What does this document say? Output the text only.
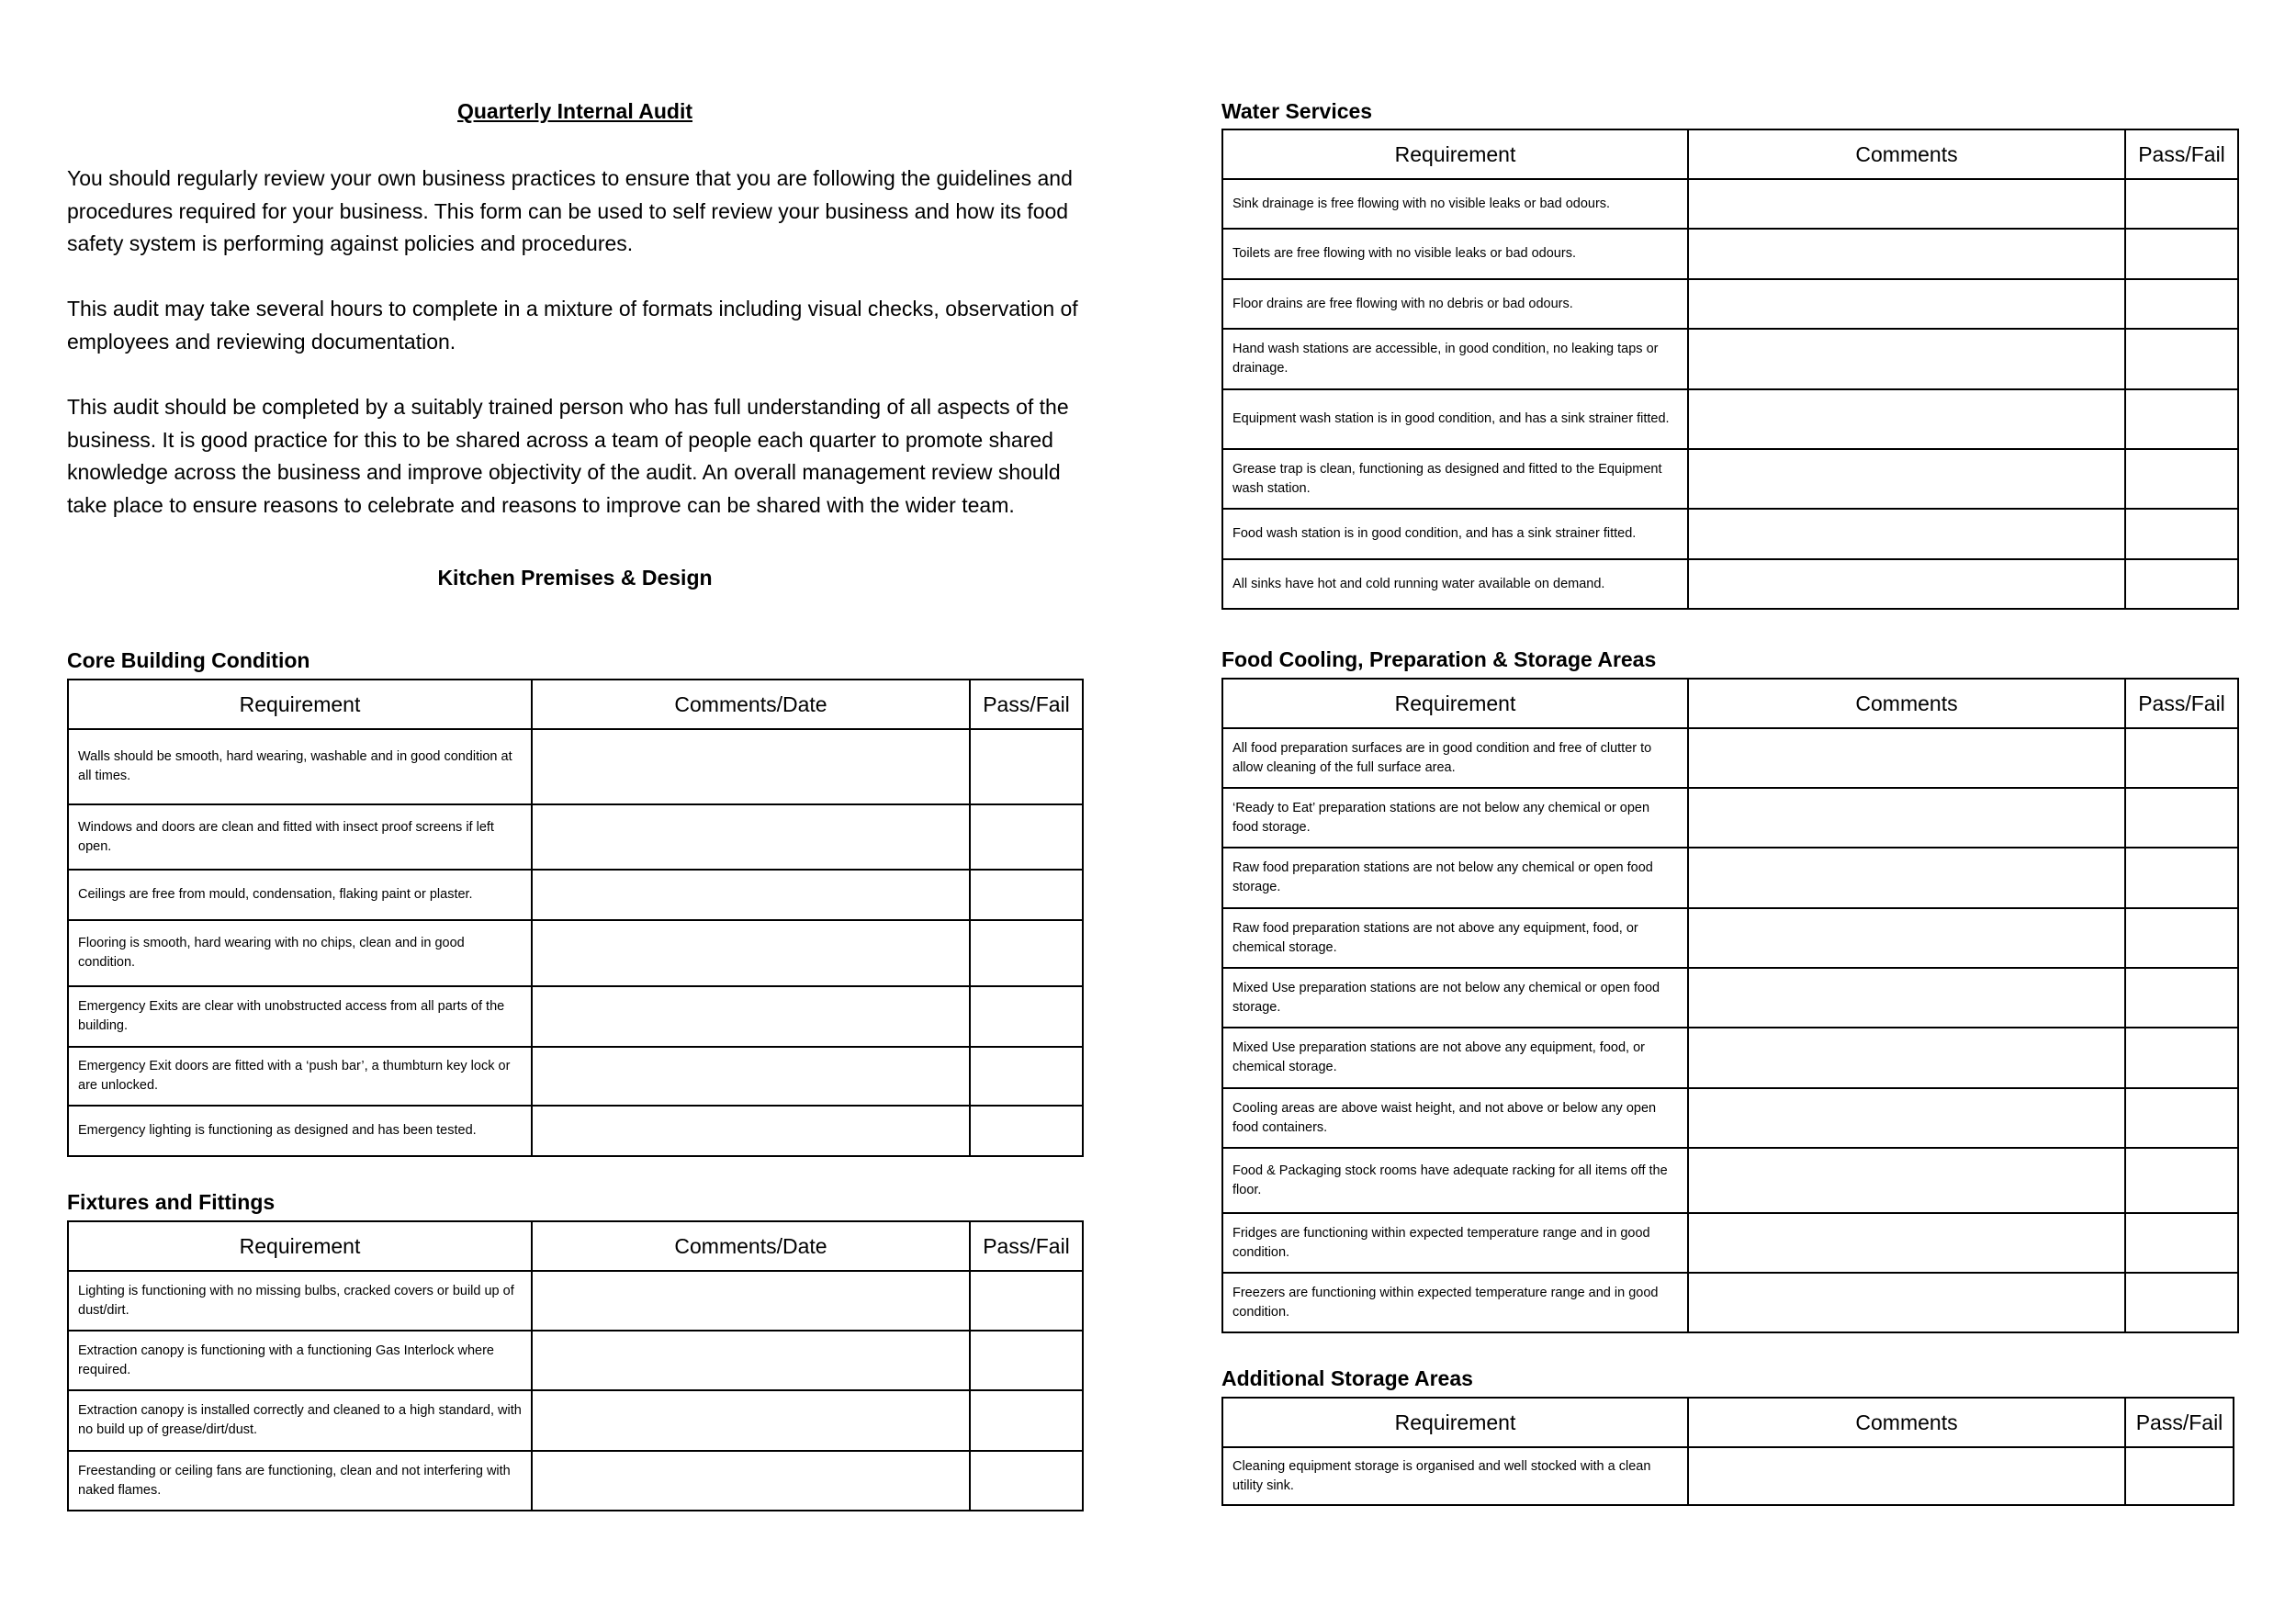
Quarterly Internal Audit

You should regularly review your own business practices to ensure that you are following the guidelines and procedures required for your business. This form can be used to self review your business and how its food safety system is performing against policies and procedures.

This audit may take several hours to complete in a mixture of formats including visual checks, observation of employees and reviewing documentation.

This audit should be completed by a suitably trained person who has full understanding of all aspects of the business. It is good practice for this to be shared across a team of people each quarter to promote shared knowledge across the business and improve objectivity of the audit. An overall management review should take place to ensure reasons to celebrate and reasons to improve can be shared with the wider team.

Kitchen Premises & Design
Core Building Condition
Requirement	Comments/Date	Pass/Fail
Walls should be smooth, hard wearing, washable and in good condition at all times.		
Windows and doors are clean and fitted with insect proof screens if left open.		
Ceilings are free from mould, condensation, flaking paint or plaster.		
Flooring is smooth, hard wearing with no chips, clean and in good condition.		
Emergency Exits are clear with unobstructed access from all parts of the building.		
Emergency Exit doors are fitted with a ‘push bar’, a thumbturn key lock or are unlocked.		
Emergency lighting is functioning as designed and has been tested.		
Fixtures and Fittings
Requirement	Comments/Date	Pass/Fail
Lighting is functioning with no missing bulbs, cracked covers or build up of dust/dirt.		
Extraction canopy is functioning with a functioning Gas Interlock where required.		
Extraction canopy is installed correctly and cleaned to a high standard, with no build up of grease/dirt/dust.		
Freestanding or ceiling fans are functioning, clean and not interfering with naked flames.		
Water Services
Requirement	Comments	Pass/Fail
Sink drainage is free flowing with no visible leaks or bad odours.		
Toilets are free flowing with no visible leaks or bad odours.		
Floor drains are free flowing with no debris or bad odours.		
Hand wash stations are accessible, in good condition, no leaking taps or drainage.		
Equipment wash station is in good condition, and has a sink strainer fitted.		
Grease trap is clean, functioning as designed and fitted to the Equipment wash station.		
Food wash station is in good condition, and has a sink strainer fitted.		
All sinks have hot and cold running water available on demand.		
Food Cooling, Preparation & Storage Areas
Requirement	Comments	Pass/Fail
All food preparation surfaces are in good condition and free of clutter to allow cleaning of the full surface area.		
‘Ready to Eat’ preparation stations are not below any chemical or open food storage.		
Raw food preparation stations are not below any chemical or open food storage.		
Raw food preparation stations are not above any equipment, food, or chemical storage.		
Mixed Use preparation stations are not below any chemical or open food storage.		
Mixed Use preparation stations are not above any equipment, food, or chemical storage.		
Cooling areas are above waist height, and not above or below any open food containers.		
Food & Packaging stock rooms have adequate racking for all items off the floor.		
Fridges are functioning within expected temperature range and in good condition.		
Freezers are functioning within expected temperature range and in good condition.		
Additional Storage Areas
Requirement	Comments	Pass/Fail
Cleaning equipment storage is organised and well stocked with a clean utility sink.		
